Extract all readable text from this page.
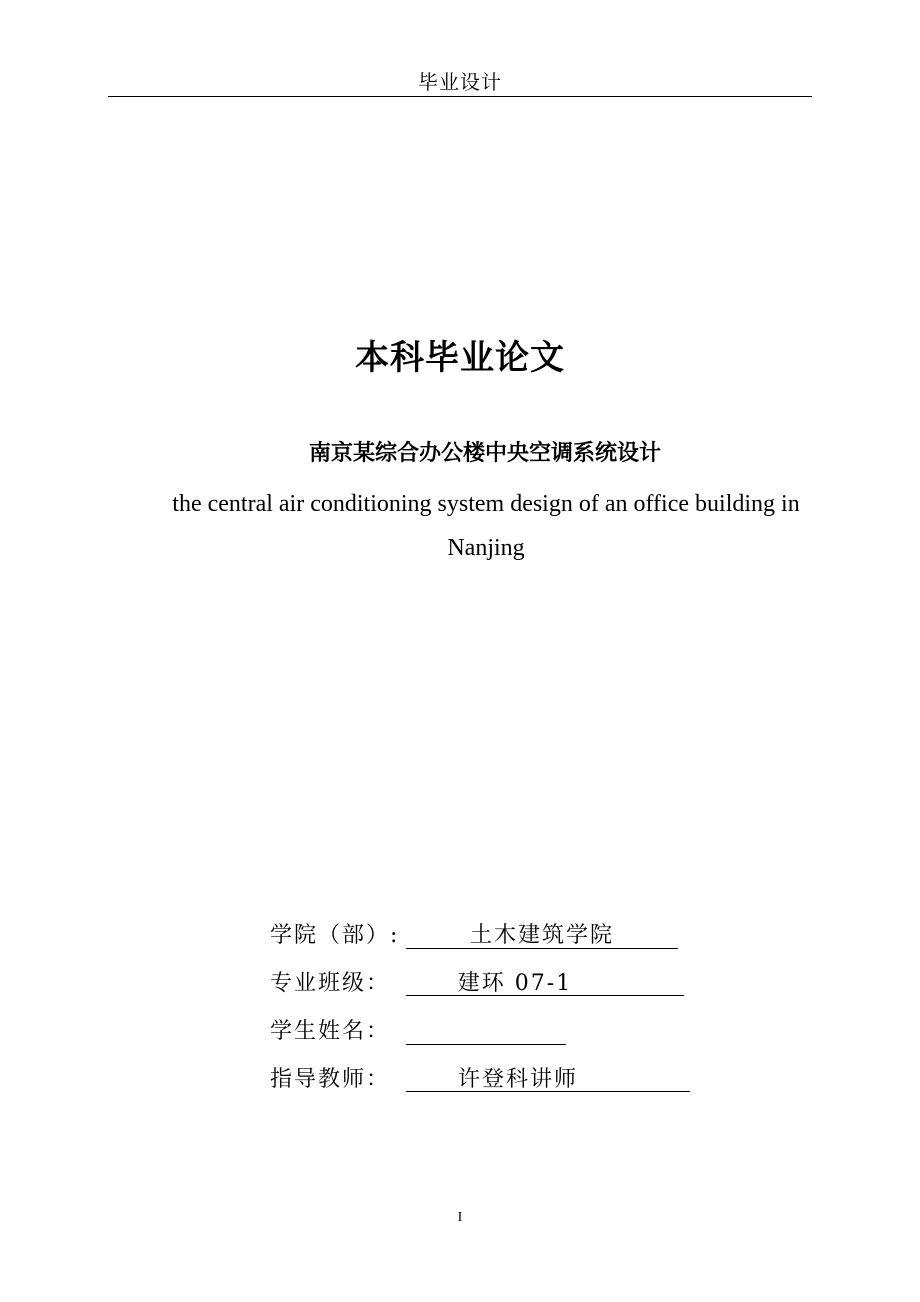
毕业设计
本科毕业论文
南京某综合办公楼中央空调系统设计
the central air conditioning system design of an office building in Nanjing
学院（部）:	土木建筑学院
专业班级：	建环 07-1
学生姓名：
指导教师：	许登科讲师
I
